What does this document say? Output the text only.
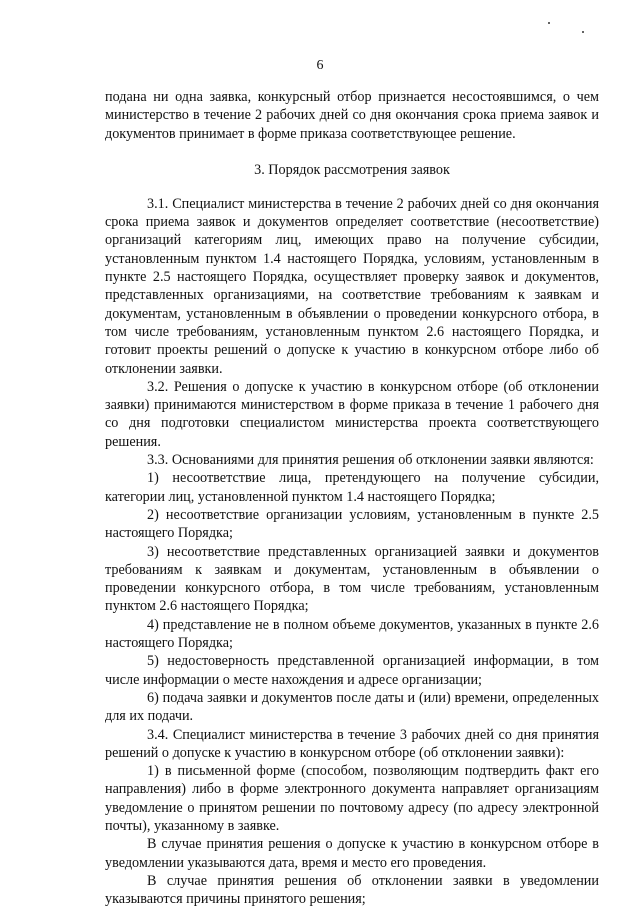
6

подана ни одна заявка, конкурсный отбор признается несостоявшимся, о чем министерство в течение 2 рабочих дней со дня окончания срока приема заявок и документов принимает в форме приказа соответствующее решение.

3. Порядок рассмотрения заявок

3.1. Специалист министерства в течение 2 рабочих дней со дня окончания срока приема заявок и документов определяет соответствие (несоответствие) организаций категориям лиц, имеющих право на получение субсидии, установленным пунктом 1.4 настоящего Порядка, условиям, установленным в пункте 2.5 настоящего Порядка, осуществляет проверку заявок и документов, представленных организациями, на соответствие требованиям к заявкам и документам, установленным в объявлении о проведении конкурсного отбора, в том числе требованиям, установленным пунктом 2.6 настоящего Порядка, и готовит проекты решений о допуске к участию в конкурсном отборе либо об отклонении заявки.

3.2. Решения о допуске к участию в конкурсном отборе (об отклонении заявки) принимаются министерством в форме приказа в течение 1 рабочего дня со дня подготовки специалистом министерства проекта соответствующего решения.

3.3. Основаниями для принятия решения об отклонении заявки являются:

1) несоответствие лица, претендующего на получение субсидии, категории лиц, установленной пунктом 1.4 настоящего Порядка;

2) несоответствие организации условиям, установленным в пункте 2.5 настоящего Порядка;

3) несоответствие представленных организацией заявки и документов требованиям к заявкам и документам, установленным в объявлении о проведении конкурсного отбора, в том числе требованиям, установленным пунктом 2.6 настоящего Порядка;

4) представление не в полном объеме документов, указанных в пункте 2.6 настоящего Порядка;

5) недостоверность представленной организацией информации, в том числе информации о месте нахождения и адресе организации;

6) подача заявки и документов после даты и (или) времени, определенных для их подачи.

3.4. Специалист министерства в течение 3 рабочих дней со дня принятия решений о допуске к участию в конкурсном отборе (об отклонении заявки):

1) в письменной форме (способом, позволяющим подтвердить факт его направления) либо в форме электронного документа направляет организациям уведомление о принятом решении по почтовому адресу (по адресу электронной почты), указанному в заявке.

В случае принятия решения о допуске к участию в конкурсном отборе в уведомлении указываются дата, время и место его проведения.

В случае принятия решения об отклонении заявки в уведомлении указываются причины принятого решения;
